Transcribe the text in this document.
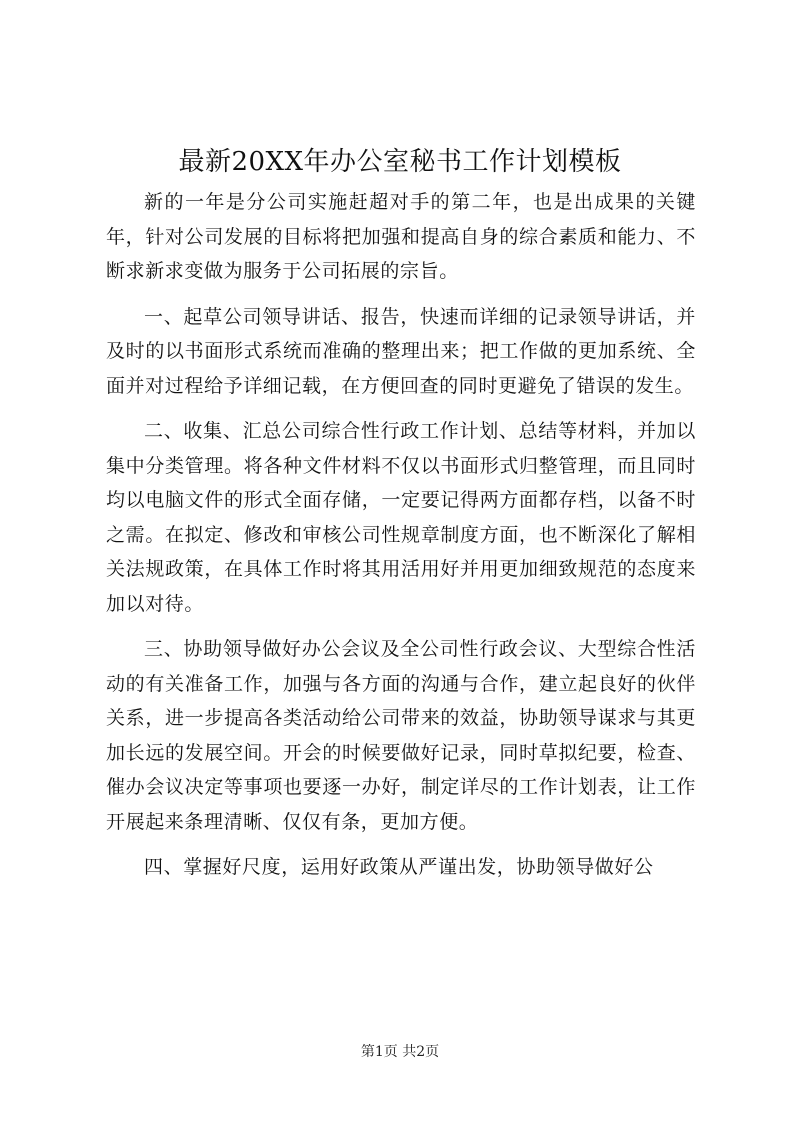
最新20XX年办公室秘书工作计划模板

新的一年是分公司实施赶超对手的第二年，也是出成果的关键年，针对公司发展的目标将把加强和提高自身的综合素质和能力、不断求新求变做为服务于公司拓展的宗旨。

一、起草公司领导讲话、报告，快速而详细的记录领导讲话，并及时的以书面形式系统而准确的整理出来；把工作做的更加系统、全面并对过程给予详细记载，在方便回查的同时更避免了错误的发生。

二、收集、汇总公司综合性行政工作计划、总结等材料，并加以集中分类管理。将各种文件材料不仅以书面形式归整管理，而且同时均以电脑文件的形式全面存储，一定要记得两方面都存档，以备不时之需。在拟定、修改和审核公司性规章制度方面，也不断深化了解相关法规政策，在具体工作时将其用活用好并用更加细致规范的态度来加以对待。

三、协助领导做好办公会议及全公司性行政会议、大型综合性活动的有关准备工作，加强与各方面的沟通与合作，建立起良好的伙伴关系，进一步提高各类活动给公司带来的效益，协助领导谋求与其更加长远的发展空间。开会的时候要做好记录，同时草拟纪要，检查、催办会议决定等事项也要逐一办好，制定详尽的工作计划表，让工作开展起来条理清晰、仅仅有条，更加方便。

四、掌握好尺度，运用好政策从严谨出发，协助领导做好公

第1页 共2页
